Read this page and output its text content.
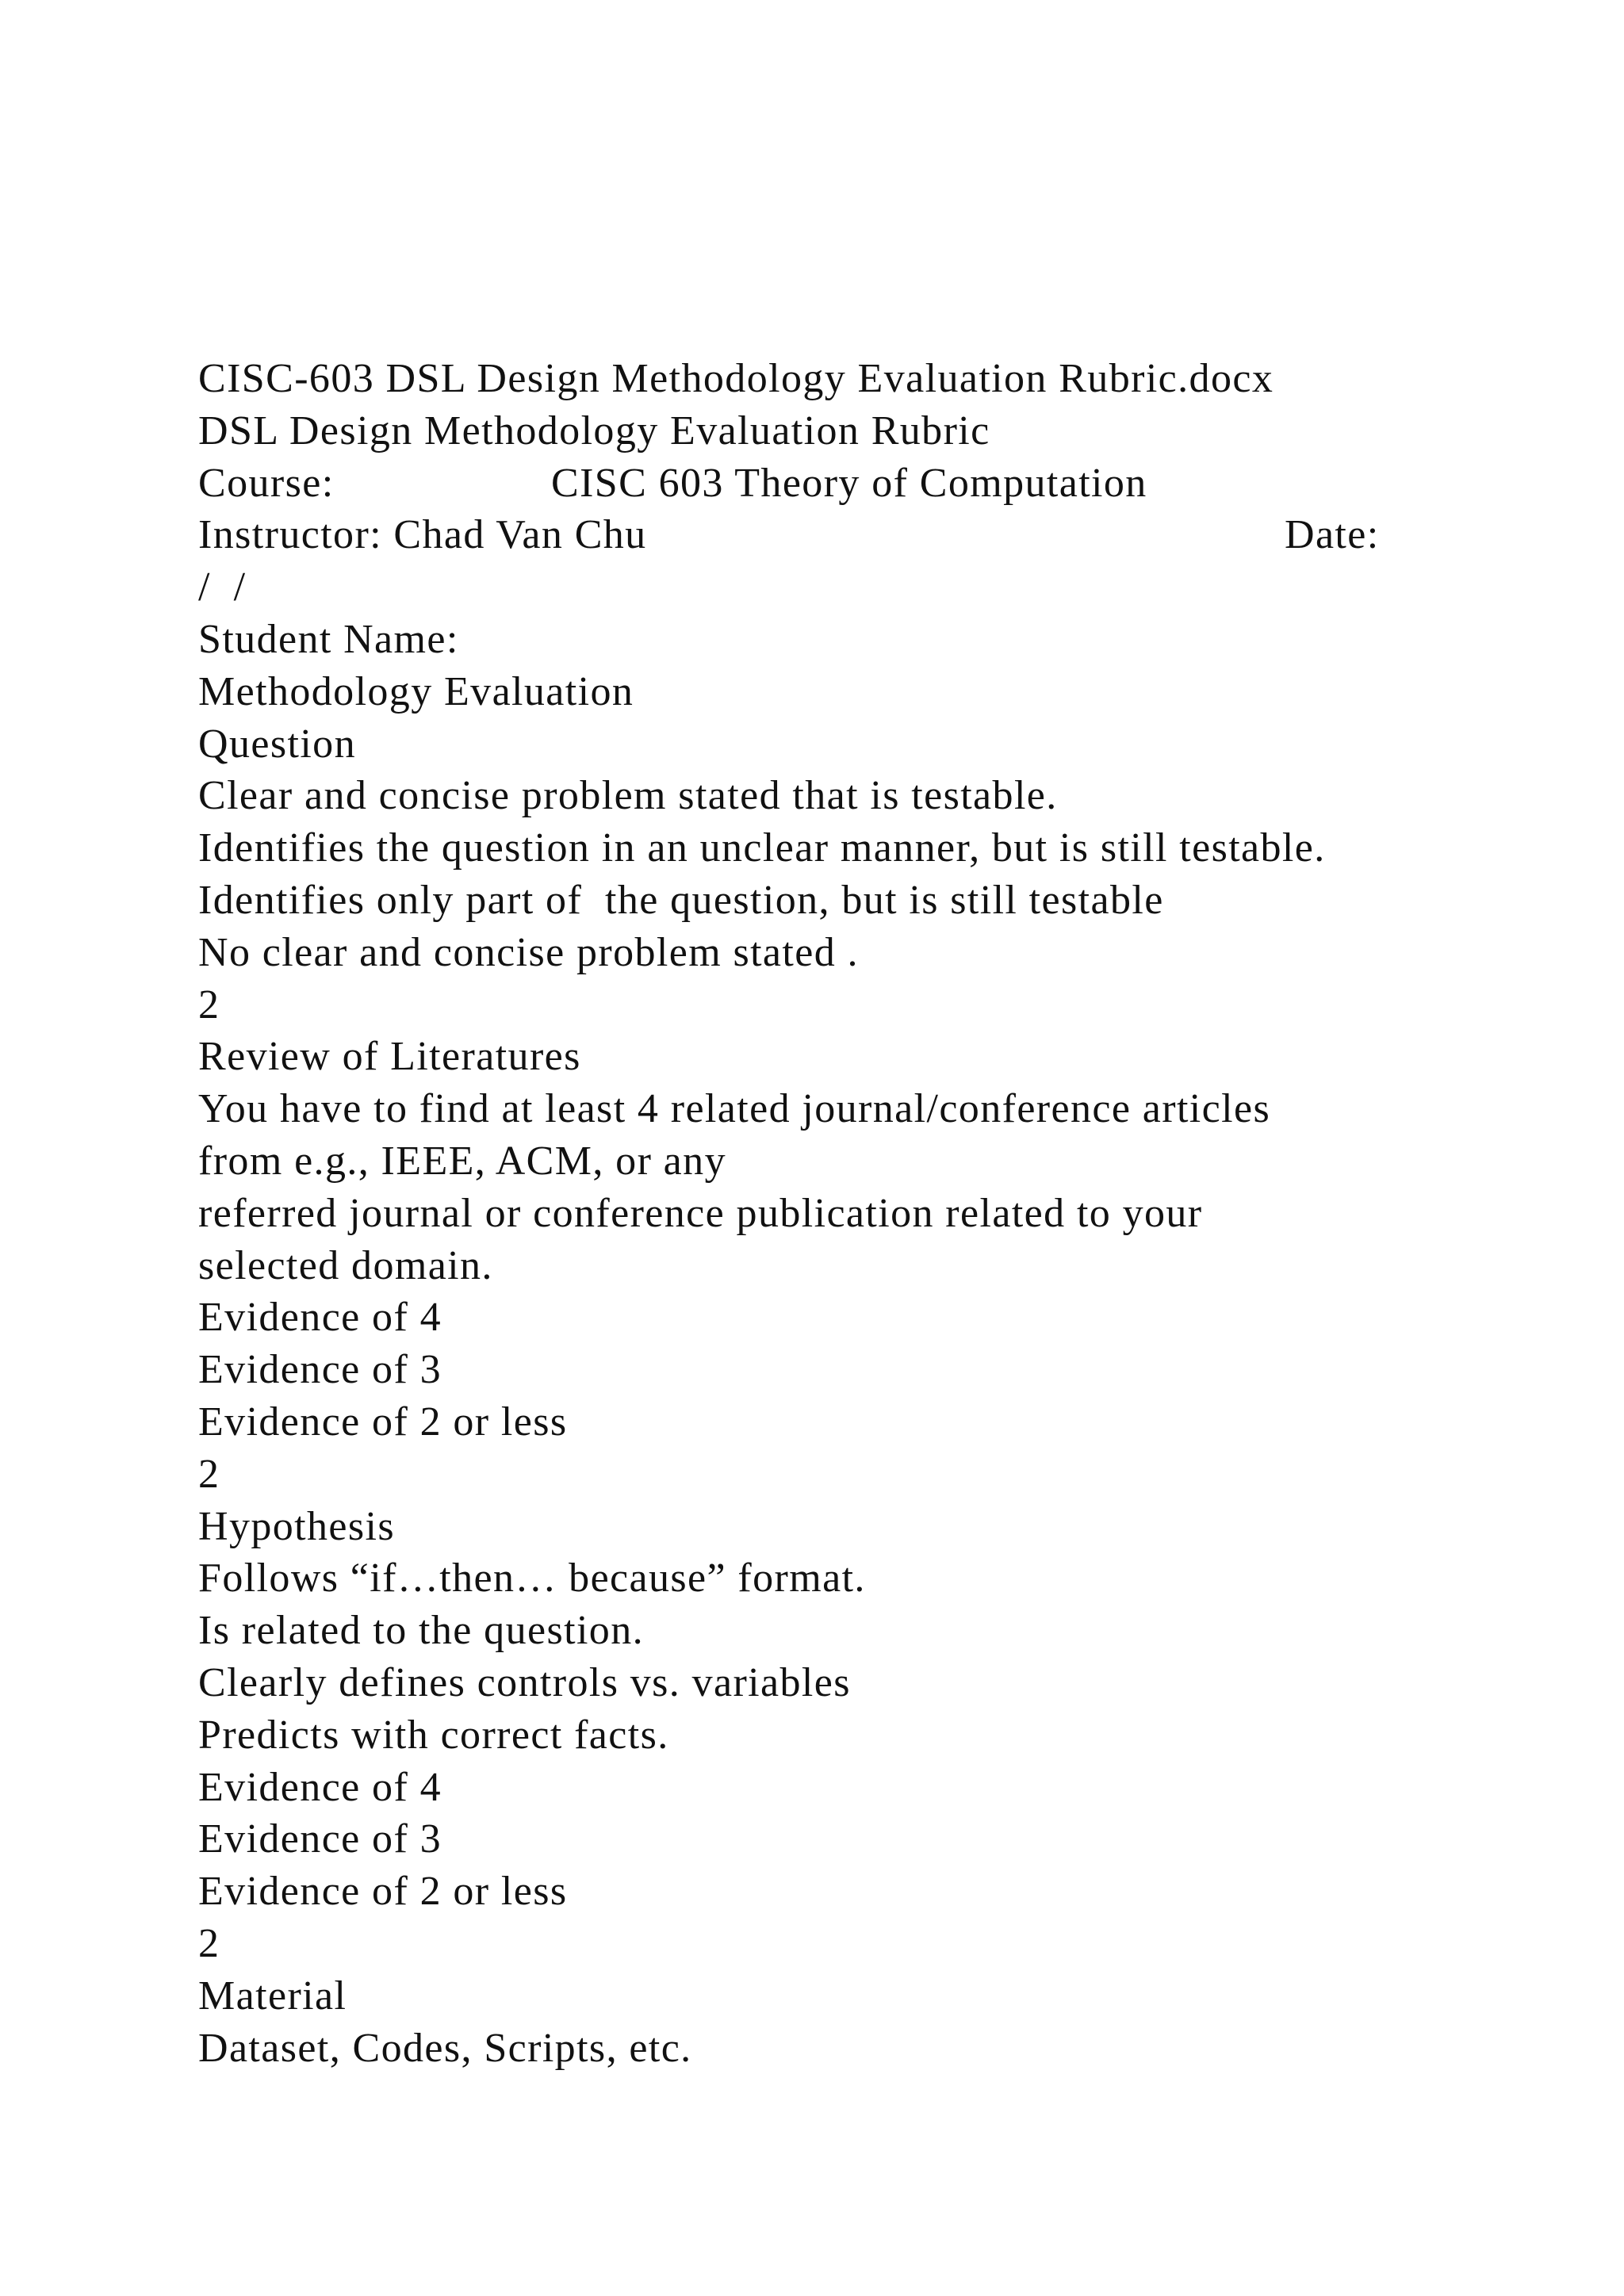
CISC-603 DSL Design Methodology Evaluation Rubric.docx
DSL Design Methodology Evaluation Rubric
Course:	CISC 603 Theory of Computation
Instructor: Chad Van Chu	Date:
/  /
Student Name:
Methodology Evaluation
Question
Clear and concise problem stated that is testable.
Identifies the question in an unclear manner, but is still testable.
Identifies only part of  the question, but is still testable
No clear and concise problem stated .
2
Review of Literatures
You have to find at least 4 related journal/conference articles
from e.g., IEEE, ACM, or any
referred journal or conference publication related to your
selected domain.
Evidence of 4
Evidence of 3
Evidence of 2 or less
2
Hypothesis
Follows “if…then… because” format.
Is related to the question.
Clearly defines controls vs. variables
Predicts with correct facts.
Evidence of 4
Evidence of 3
Evidence of 2 or less
2
Material
Dataset, Codes, Scripts, etc.
